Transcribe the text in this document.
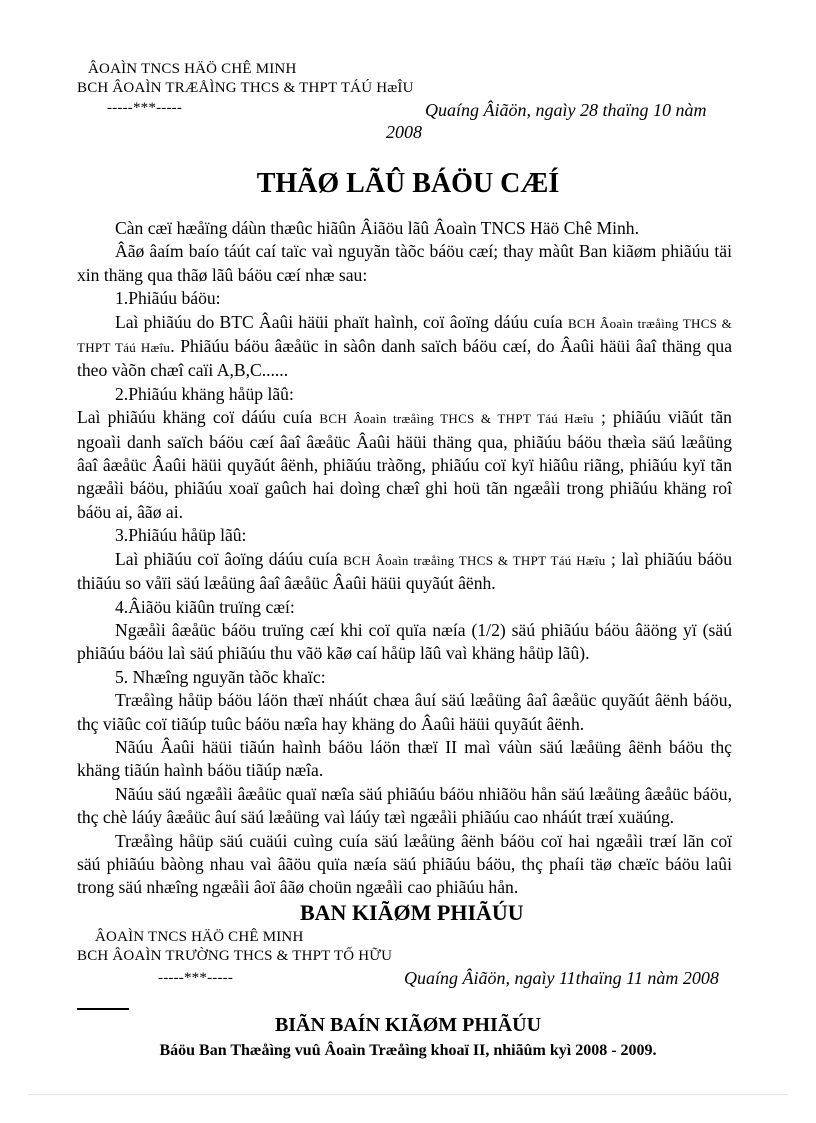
ÂOAÌN TNCS HÄÖ CHÊ MINH
BCH ÂOAÌN TRÆÅÌNG THCS & THPT TÁÚ HæÎU
-----***-----	Quaíng Âiãön, ngaìy 28 thaïng 10 nàm
2008
THÃØ LÃÛ BÁÖU CÆÍ

Càn cæï hæåïng dáùn thæûc hiãûn Âiãöu lãû Âoaìn TNCS Häö Chê Minh.

Âãø âaím baío táút caí taïc vaì nguyãn tàõc báöu cæí; thay màût Ban kiãøm phiãúu täi xin thäng qua thãø lãû báöu cæí nhæ sau:

1.Phiãúu báöu:

Laì phiãúu do BTC Âaûi häüi phaït haình, coï âoïng dáúu cuía BCH Âoaìn træåìng THCS & THPT Táú Hæîu. Phiãúu báöu âæåüc in sàôn danh saïch báöu cæí, do Âaûi häüi âaî thäng qua theo vàõn chæî caïi A,B,C......

2.Phiãúu khäng håüp lãû:

Laì phiãúu khäng coï dáúu cuía BCH Âoaìn træåìng THCS & THPT Táú Hæîu ; phiãúu viãút tãn ngoaìi danh saïch báöu cæí âaî âæåüc Âaûi häüi thäng qua, phiãúu báöu thæìa säú læåüng âaî âæåüc Âaûi häüi quyãút âënh, phiãúu tràõng, phiãúu coï kyï hiãûu riãng, phiãúu kyï tãn ngæåìi báöu, phiãúu xoaï gaûch hai doìng chæî ghi hoü tãn ngæåìi trong phiãúu khäng roî báöu ai, âãø ai.

3.Phiãúu håüp lãû:

Laì phiãúu coï âoïng dáúu cuía BCH Âoaìn træåìng THCS & THPT Táú Hæîu ; laì phiãúu báöu thiãúu so våïi säú læåüng âaî âæåüc Âaûi häüi quyãút âënh.

4.Âiãöu kiãûn truïng cæí:

Ngæåìi âæåüc báöu truïng cæí khi coï quïa næía (1/2) säú phiãúu báöu âäöng yï (säú phiãúu báöu laì säú phiãúu thu vãö kãø caí håüp lãû vaì khäng håüp lãû).

5. Nhæîng nguyãn tàõc khaïc:

Træåìng håüp báöu láön thæï nháút chæa âuí säú læåüng âaî âæåüc quyãút âënh báöu, thç viãûc coï tiãúp tuûc báöu næîa hay khäng do Âaûi häüi quyãút âënh.

Nãúu Âaûi häüi tiãún haình báöu láön thæï II maì váùn säú læåüng âënh báöu thç khäng tiãún haình báöu tiãúp næîa.

Nãúu säú ngæåìi âæåüc quaï næîa säú phiãúu báöu nhiãöu hån säú læåüng âæåüc báöu, thç chè láúy âæåüc âuí säú læåüng vaì láúy tæì ngæåìi phiãúu cao nháút træí xuäúng.

Træåìng håüp säú cuäúi cuìng cuía säú læåüng âënh báöu coï hai ngæåìi træí lãn coï säú phiãúu bàòng nhau vaì âãöu quïa næía säú phiãúu báöu, thç phaíi täø chæïc báöu laûi trong säú nhæîng ngæåìi âoï âãø choün ngæåìi cao phiãúu hån.

BAN KIÃØM PHIÃÚU
ÂOAÌN TNCS HÄÖ CHÊ MINH
BCH ÂOAÌN TRƯỜNG THCS & THPT TỐ HỮU
-----***-----	Quaíng Âiãön, ngaìy 11thaïng 11 nàm 2008
BIÃN BAÍN KIÃØM PHIÃÚU
Báöu Ban Thæåìng vuû Âoaìn Træåìng khoaï II, nhiãûm kyì 2008 - 2009.
